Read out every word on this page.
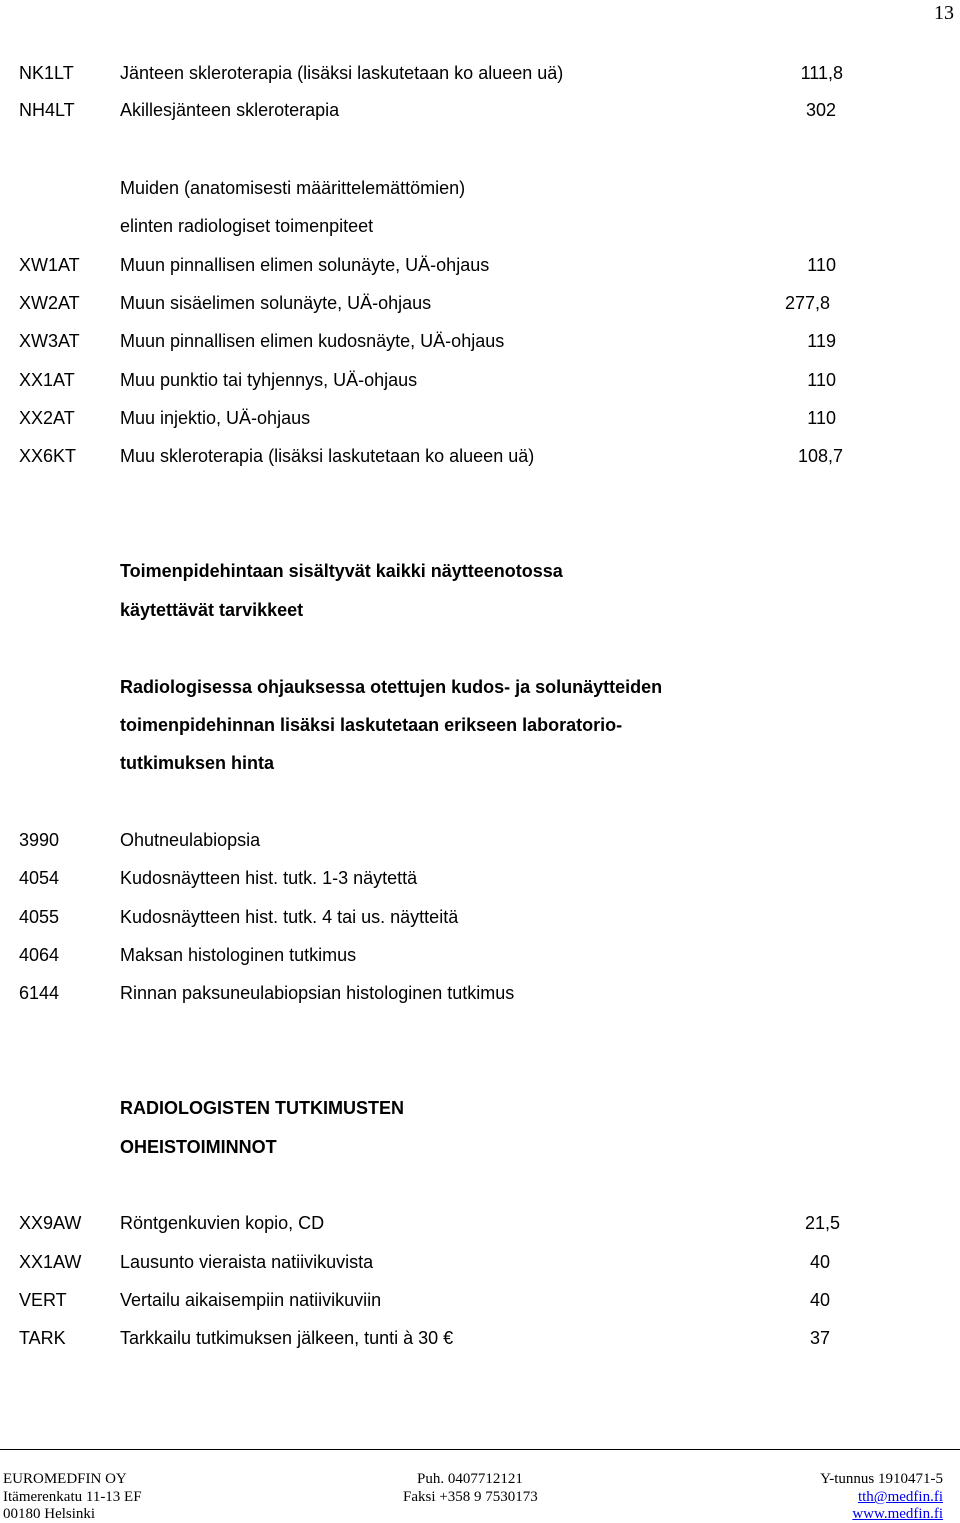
13
NK1LT	Jänteen skleroterapia (lisäksi laskutetaan ko alueen uä)	111,8
NH4LT	Akillesjänteen skleroterapia	302
Muiden (anatomisesti määrittelemättömien)
elinten radiologiset toimenpiteet
XW1AT Muun pinnallisen elimen solunäyte, UÄ-ohjaus	110
XW2AT Muun sisäelimen solunäyte, UÄ-ohjaus	277,8
XW3AT Muun pinnallisen elimen kudosnäyte, UÄ-ohjaus	119
XX1AT	Muu punktio tai tyhjennys, UÄ-ohjaus	110
XX2AT	Muu injektio, UÄ-ohjaus	110
XX6KT Muu skleroterapia (lisäksi laskutetaan ko alueen uä)	108,7
Toimenpidehintaan sisältyvät kaikki näytteenotossa
käytettävät tarvikkeet
Radiologisessa ohjauksessa otettujen kudos- ja solunäytteiden
toimenpidehinnan lisäksi laskutetaan erikseen laboratorio-
tutkimuksen hinta
3990	Ohutneulabiopsia
4054	Kudosnäytteen hist. tutk. 1-3 näytettä
4055	Kudosnäytteen hist. tutk. 4 tai us. näytteitä
4064	Maksan histologinen tutkimus
6144	Rinnan paksuneulabiopsian histologinen tutkimus
RADIOLOGISTEN TUTKIMUSTEN
OHEISTOIMINNOT
XX9AW Röntgenkuvien kopio, CD	21,5
XX1AW Lausunto vieraista natiivikuvista	40
VERT	Vertailu aikaisempiin natiivikuviin	40
TARK	Tarkkailu tutkimuksen jälkeen, tunti à 30 €	37
EUROMEDFIN OY
Itämerenkatu 11-13 EF
00180 Helsinki
Puh. 0407712121
Faksi +358 9 7530173
Y-tunnus 1910471-5
tth@medfin.fi
www.medfin.fi
